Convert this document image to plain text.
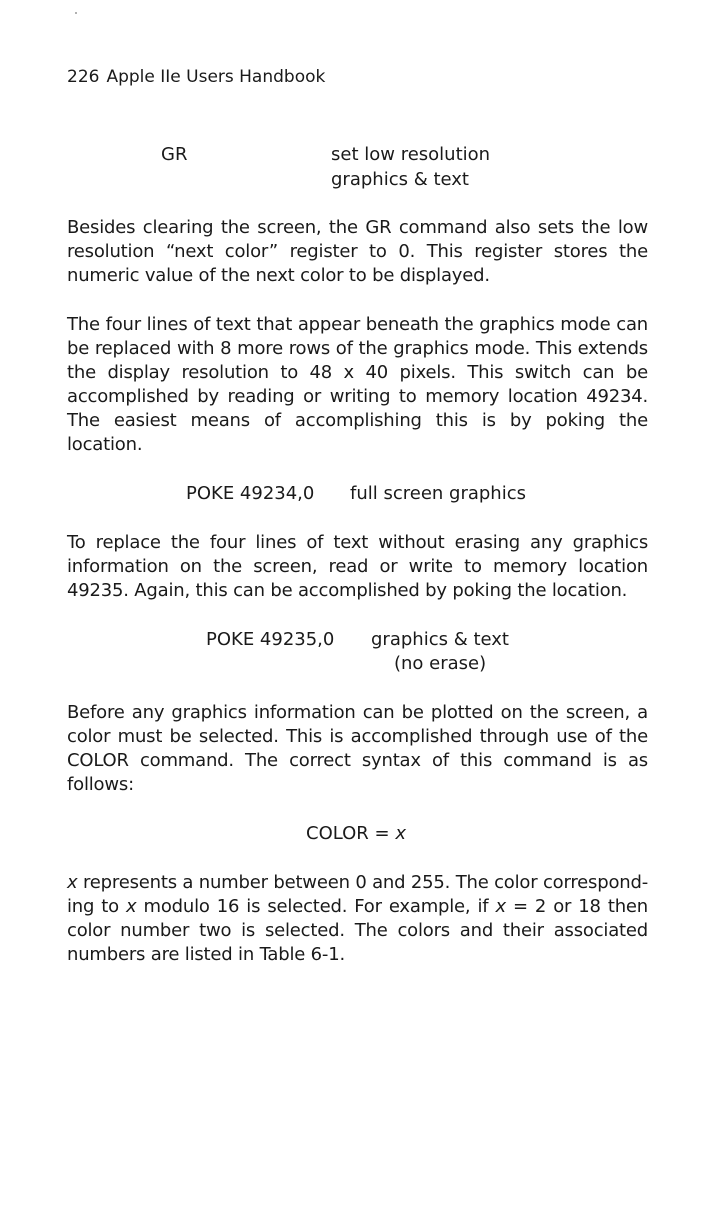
226 Apple IIe Users Handbook
GR	set low resolution
graphics & text

Besides clearing the screen, the GR command also sets the low
resolution “next color” register to 0. This register stores the
numeric value of the next color to be displayed.

The four lines of text that appear beneath the graphics mode can
be replaced with 8 more rows of the graphics mode. This extends
the display resolution to 48 x 40 pixels. This switch can be
accomplished by reading or writing to memory location 49234.
The easiest means of accomplishing this is by poking the
location.

POKE 49234,0 full screen graphics

To replace the four lines of text without erasing any graphics
information on the screen, read or write to memory location
49235. Again, this can be accomplished by poking the location.

POKE 49235,0 graphics & text
(no erase)

Before any graphics information can be plotted on the screen, a
color must be selected. This is accomplished through use of the
COLOR command. The correct syntax of this command is as
follows:

COLOR = x

x represents a number between 0 and 255. The color correspond-
ing to x modulo 16 is selected. For example, if x = 2 or 18 then
color number two is selected. The colors and their associated
numbers are listed in Table 6-1.
